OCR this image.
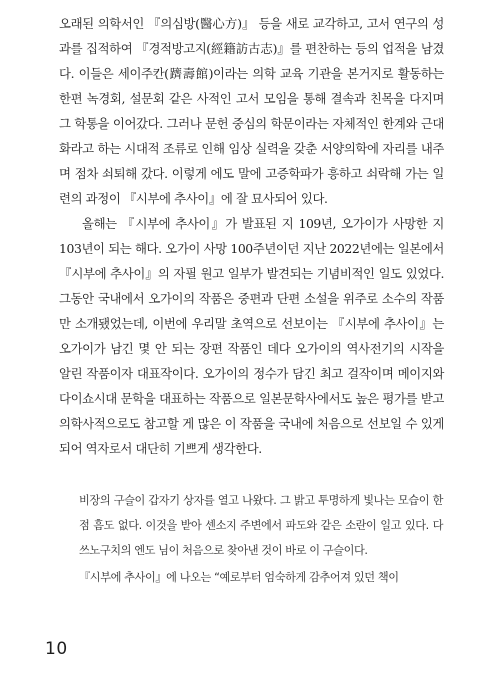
오래된 의학서인 『의심방(醫心方)』 등을 새로 교각하고, 고서 연구의 성과를 집적하여 『경적방고지(經籍訪古志)』를 편찬하는 등의 업적을 남겼다. 이들은 세이주칸(躋壽館)이라는 의학 교육 기관을 본거지로 활동하는 한편 녹경회, 설문회 같은 사적인 고서 모임을 통해 결속과 친목을 다지며 그 학통을 이어갔다. 그러나 문헌 중심의 학문이라는 자체적인 한계와 근대화라고 하는 시대적 조류로 인해 임상 실력을 갖춘 서양의학에 자리를 내주며 점차 쇠퇴해 갔다. 이렇게 에도 말에 고증학파가 흥하고 쇠락해 가는 일련의 과정이 『시부에 추사이』에 잘 묘사되어 있다.

올해는 『시부에 추사이』가 발표된 지 109년, 오가이가 사망한 지 103년이 되는 해다. 오가이 사망 100주년이던 지난 2022년에는 일본에서 『시부에 추사이』의 자필 원고 일부가 발견되는 기념비적인 일도 있었다. 그동안 국내에서 오가이의 작품은 중편과 단편 소설을 위주로 소수의 작품만 소개됐었는데, 이번에 우리말 초역으로 선보이는 『시부에 추사이』는 오가이가 남긴 몇 안 되는 장편 작품인 데다 오가이의 역사전기의 시작을 알린 작품이자 대표작이다. 오가이의 정수가 담긴 최고 걸작이며 메이지와 다이쇼시대 문학을 대표하는 작품으로 일본문학사에서도 높은 평가를 받고 의학사적으로도 참고할 게 많은 이 작품을 국내에 처음으로 선보일 수 있게 되어 역자로서 대단히 기쁘게 생각한다.

비장의 구슬이 갑자기 상자를 열고 나왔다. 그 밝고 투명하게 빛나는 모습이 한 점 흠도 없다. 이것을 받아 센소지 주변에서 파도와 같은 소란이 일고 있다. 다쓰노구치의 엔도 님이 처음으로 찾아낸 것이 바로 이 구슬이다.

『시부에 추사이』에 나오는 “예로부터 엄숙하게 감추어져 있던 책이

10
